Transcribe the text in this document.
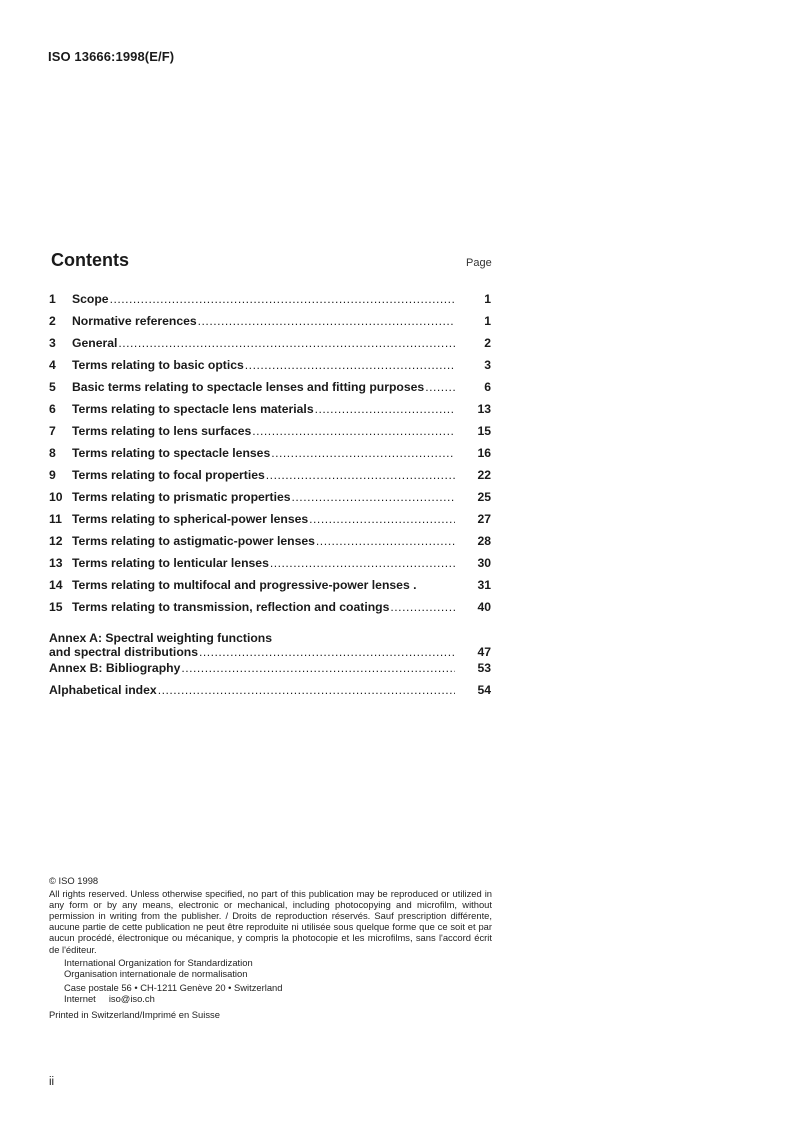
ISO 13666:1998(E/F)
Contents	Page
1	Scope .....	1
2	Normative references .....	1
3	General .....	2
4	Terms relating to basic optics .....	3
5	Basic terms relating to spectacle lenses and fitting purposes .....	6
6	Terms relating to spectacle lens materials .....	13
7	Terms relating to lens surfaces .....	15
8	Terms relating to spectacle lenses .....	16
9	Terms relating to focal properties .....	22
10 Terms relating to prismatic properties .....	25
11 Terms relating to spherical-power lenses .....	27
12 Terms relating to astigmatic-power lenses .....	28
13 Terms relating to lenticular lenses .....	30
14 Terms relating to multifocal and progressive-power lenses .	31
15 Terms relating to transmission, reflection and coatings .....	40
Annex A: Spectral weighting functions
and spectral distributions .....	47
Annex B: Bibliography .....	53
Alphabetical index .....	54
© ISO 1998
All rights reserved. Unless otherwise specified, no part of this publication may be reproduced or utilized in any form or by any means, electronic or mechanical, including photocopying and microfilm, without permission in writing from the publisher. / Droits de reproduction réservés. Sauf prescription différente, aucune partie de cette publication ne peut être reproduite ni utilisée sous quelque forme que ce soit et par aucun procédé, électronique ou mécanique, y compris la photocopie et les microfilms, sans l'accord écrit de l'éditeur.
International Organization for Standardization
Organisation internationale de normalisation
Case postale 56 • CH-1211 Genève 20 • Switzerland
Internet     iso@iso.ch
Printed in Switzerland/Imprimé en Suisse
ii
